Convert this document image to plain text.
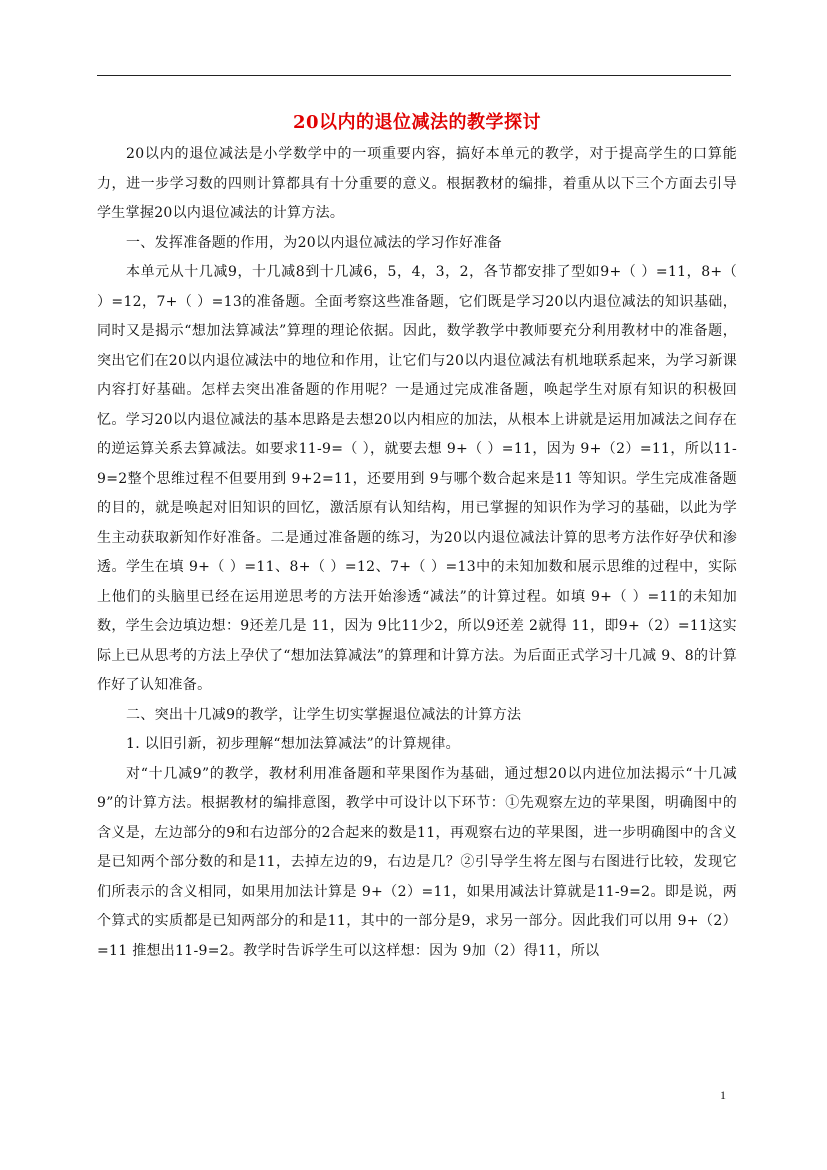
20以内的退位减法的教学探讨

20以内的退位减法是小学数学中的一项重要内容，搞好本单元的教学，对于提高学生的口算能力，进一步学习数的四则计算都具有十分重要的意义。根据教材的编排，着重从以下三个方面去引导学生掌握20以内退位减法的计算方法。

一、发挥准备题的作用，为20以内退位减法的学习作好准备

本单元从十几减9，十几减8到十几减6，5，4，3，2，各节都安排了型如9+（ ）=11，8+（ ）=12，7+（ ）=13的准备题。全面考察这些准备题，它们既是学习20以内退位减法的知识基础，同时又是揭示“想加法算减法”算理的理论依据。因此，数学教学中教师要充分利用教材中的准备题，突出它们在20以内退位减法中的地位和作用，让它们与20以内退位减法有机地联系起来，为学习新课内容打好基础。怎样去突出准备题的作用呢？一是通过完成准备题，唤起学生对原有知识的积极回忆。学习20以内退位减法的基本思路是去想20以内相应的加法，从根本上讲就是运用加减法之间存在的逆运算关系去算减法。如要求11-9=（ ），就要去想 9+（ ）=11，因为 9+（2）=11，所以11-9=2整个思维过程不但要用到 9+2=11，还要用到 9与哪个数合起来是11 等知识。学生完成准备题的目的，就是唤起对旧知识的回忆，激活原有认知结构，用已掌握的知识作为学习的基础，以此为学生主动获取新知作好准备。二是通过准备题的练习，为20以内退位减法计算的思考方法作好孕伏和渗透。学生在填 9+（ ）=11、8+（ ）=12、7+（ ）=13中的未知加数和展示思维的过程中，实际上他们的头脑里已经在运用逆思考的方法开始渗透“减法”的计算过程。如填 9+（ ）=11的未知加数，学生会边填边想：9还差几是 11，因为 9比11少2，所以9还差 2就得 11，即9+（2）=11这实际上已从思考的方法上孕伏了“想加法算减法”的算理和计算方法。为后面正式学习十几减 9、8的计算作好了认知准备。

二、突出十几减9的教学，让学生切实掌握退位减法的计算方法

1. 以旧引新，初步理解“想加法算减法”的计算规律。

对“十几减9”的教学，教材利用准备题和苹果图作为基础，通过想20以内进位加法揭示“十几减9”的计算方法。根据教材的编排意图，教学中可设计以下环节：①先观察左边的苹果图，明确图中的含义是，左边部分的9和右边部分的2合起来的数是11，再观察右边的苹果图，进一步明确图中的含义是已知两个部分数的和是11，去掉左边的9，右边是几？②引导学生将左图与右图进行比较，发现它们所表示的含义相同，如果用加法计算是 9+（2）=11，如果用减法计算就是11-9=2。即是说，两个算式的实质都是已知两部分的和是11，其中的一部分是9，求另一部分。因此我们可以用 9+（2）=11 推想出11-9=2。教学时告诉学生可以这样想：因为 9加（2）得11，所以

1
